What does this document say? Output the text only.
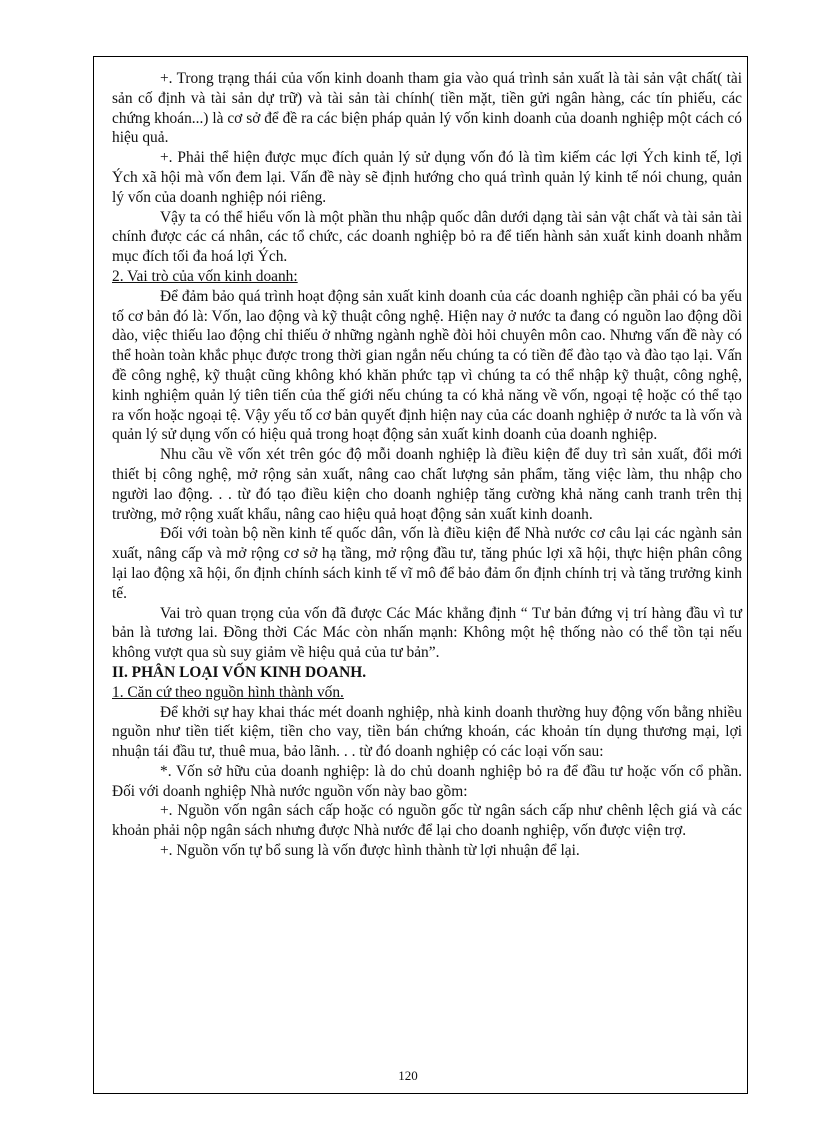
+. Trong trạng thái của vốn kinh doanh tham gia vào quá trình sản xuất là tài sản vật chất( tài sản cố định và tài sản dự trữ) và tài sản tài chính( tiền mặt, tiền gửi ngân hàng, các tín phiếu, các chứng khoán...) là cơ sở để đề ra các biện pháp quản lý vốn kinh doanh của doanh nghiệp một cách có hiệu quả.

+. Phải thể hiện được mục đích quản lý sử dụng vốn đó là tìm kiếm các lợi Ých kinh tế, lợi Ých xã hội mà vốn đem lại. Vấn đề này sẽ định hướng cho quá trình quản lý kinh tế nói chung, quản lý vốn của doanh nghiệp nói riêng.

Vậy ta có thể hiểu vốn là một phần thu nhập quốc dân dưới dạng tài sản vật chất và tài sản tài chính được các cá nhân, các tổ chức, các doanh nghiệp bỏ ra để tiến hành sản xuất kinh doanh nhằm mục đích tối đa hoá lợi Ých.

2. Vai trò của vốn kinh doanh:

Để đảm bảo quá trình hoạt động sản xuất kinh doanh của các doanh nghiệp cần phải có ba yếu tố cơ bản đó là: Vốn, lao động và kỹ thuật công nghệ. Hiện nay ở nước ta đang có nguồn lao động dồi dào, việc thiếu lao động chỉ thiếu ở những ngành nghề đòi hỏi chuyên môn cao. Nhưng vấn đề này có thể hoàn toàn khắc phục được trong thời gian ngắn nếu chúng ta có tiền để đào tạo và đào tạo lại. Vấn đề công nghệ, kỹ thuật cũng không khó khăn phức tạp vì chúng ta có thể nhập kỹ thuật, công nghệ, kinh nghiệm quản lý tiên tiến của thế giới nếu chúng ta có khả năng về vốn, ngoại tệ hoặc có thể tạo ra vốn hoặc ngoại tệ. Vậy yếu tố cơ bản quyết định hiện nay của các doanh nghiệp ở nước ta là vốn và quản lý sử dụng vốn có hiệu quả trong hoạt động sản xuất kinh doanh của doanh nghiệp.

Nhu cầu về vốn xét trên góc độ mỗi doanh nghiệp là điều kiện để duy trì sản xuất, đổi mới thiết bị công nghệ, mở rộng sản xuất, nâng cao chất lượng sản phẩm, tăng việc làm, thu nhập cho người lao động. . . từ đó tạo điều kiện cho doanh nghiệp tăng cường khả năng canh tranh trên thị trường, mở rộng xuất khẩu, nâng cao hiệu quả hoạt động sản xuất kinh doanh.

Đối với toàn bộ nền kinh tế quốc dân, vốn là điều kiện để Nhà nước cơ câu lại các ngành sản xuất, nâng cấp và mở rộng cơ sở hạ tầng, mở rộng đầu tư, tăng phúc lợi xã hội, thực hiện phân công lại lao động xã hội, ổn định chính sách kinh tế vĩ mô để bảo đảm ổn định chính trị và tăng trưởng kinh tế.

Vai trò quan trọng của vốn đã được Các Mác khẳng định “ Tư bản đứng vị trí hàng đầu vì tư bản là tương lai. Đồng thời Các Mác còn nhấn mạnh: Không một hệ thống nào có thể tồn tại nếu không vượt qua sù suy giảm về hiệu quả của tư bản”.

II. PHÂN LOẠI VỐN KINH DOANH.

1. Căn cứ theo nguồn hình thành vốn.

Để khởi sự hay khai thác mét doanh nghiệp, nhà kinh doanh thường huy động vốn bằng nhiều nguồn như tiền tiết kiệm, tiền cho vay, tiền bán chứng khoán, các khoản tín dụng thương mại, lợi nhuận tái đầu tư, thuê mua, bảo lãnh. . . từ đó doanh nghiệp có các loại vốn sau:

*. Vốn sở hữu của doanh nghiệp: là do chủ doanh nghiệp bỏ ra để đầu tư hoặc vốn cổ phần. Đối với doanh nghiệp Nhà nước nguồn vốn này bao gồm:

+. Nguồn vốn ngân sách cấp hoặc có nguồn gốc từ ngân sách cấp như chênh lệch giá và các khoản phải nộp ngân sách nhưng được Nhà nước để lại cho doanh nghiệp, vốn được viện trợ.

+. Nguồn vốn tự bổ sung là vốn được hình thành từ lợi nhuận để lại.

120
